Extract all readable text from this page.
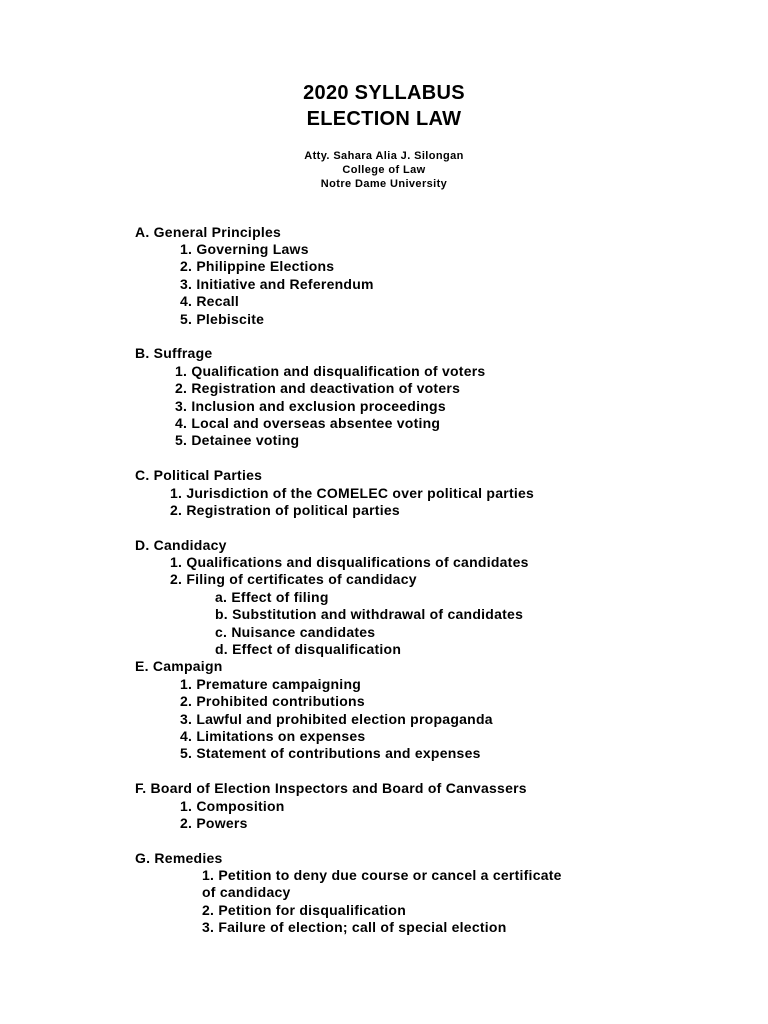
2020 SYLLABUS
ELECTION LAW
Atty. Sahara Alia J. Silongan
College of Law
Notre Dame University
A. General Principles
1. Governing Laws
2. Philippine Elections
3. Initiative and Referendum
4. Recall
5. Plebiscite
B. Suffrage
1. Qualification and disqualification of voters
2. Registration and deactivation of voters
3. Inclusion and exclusion proceedings
4. Local and overseas absentee voting
5. Detainee voting
C. Political Parties
1. Jurisdiction of the COMELEC over political parties
2. Registration of political parties
D. Candidacy
1. Qualifications and disqualifications of candidates
2. Filing of certificates of candidacy
a. Effect of filing
b. Substitution and withdrawal of candidates
c. Nuisance candidates
d. Effect of disqualification
E. Campaign
1. Premature campaigning
2. Prohibited contributions
3. Lawful and prohibited election propaganda
4. Limitations on expenses
5. Statement of contributions and expenses
F. Board of Election Inspectors and Board of Canvassers
1. Composition
2. Powers
G. Remedies
1. Petition to deny due course or cancel a certificate
of candidacy
2. Petition for disqualification
3. Failure of election; call of special election
